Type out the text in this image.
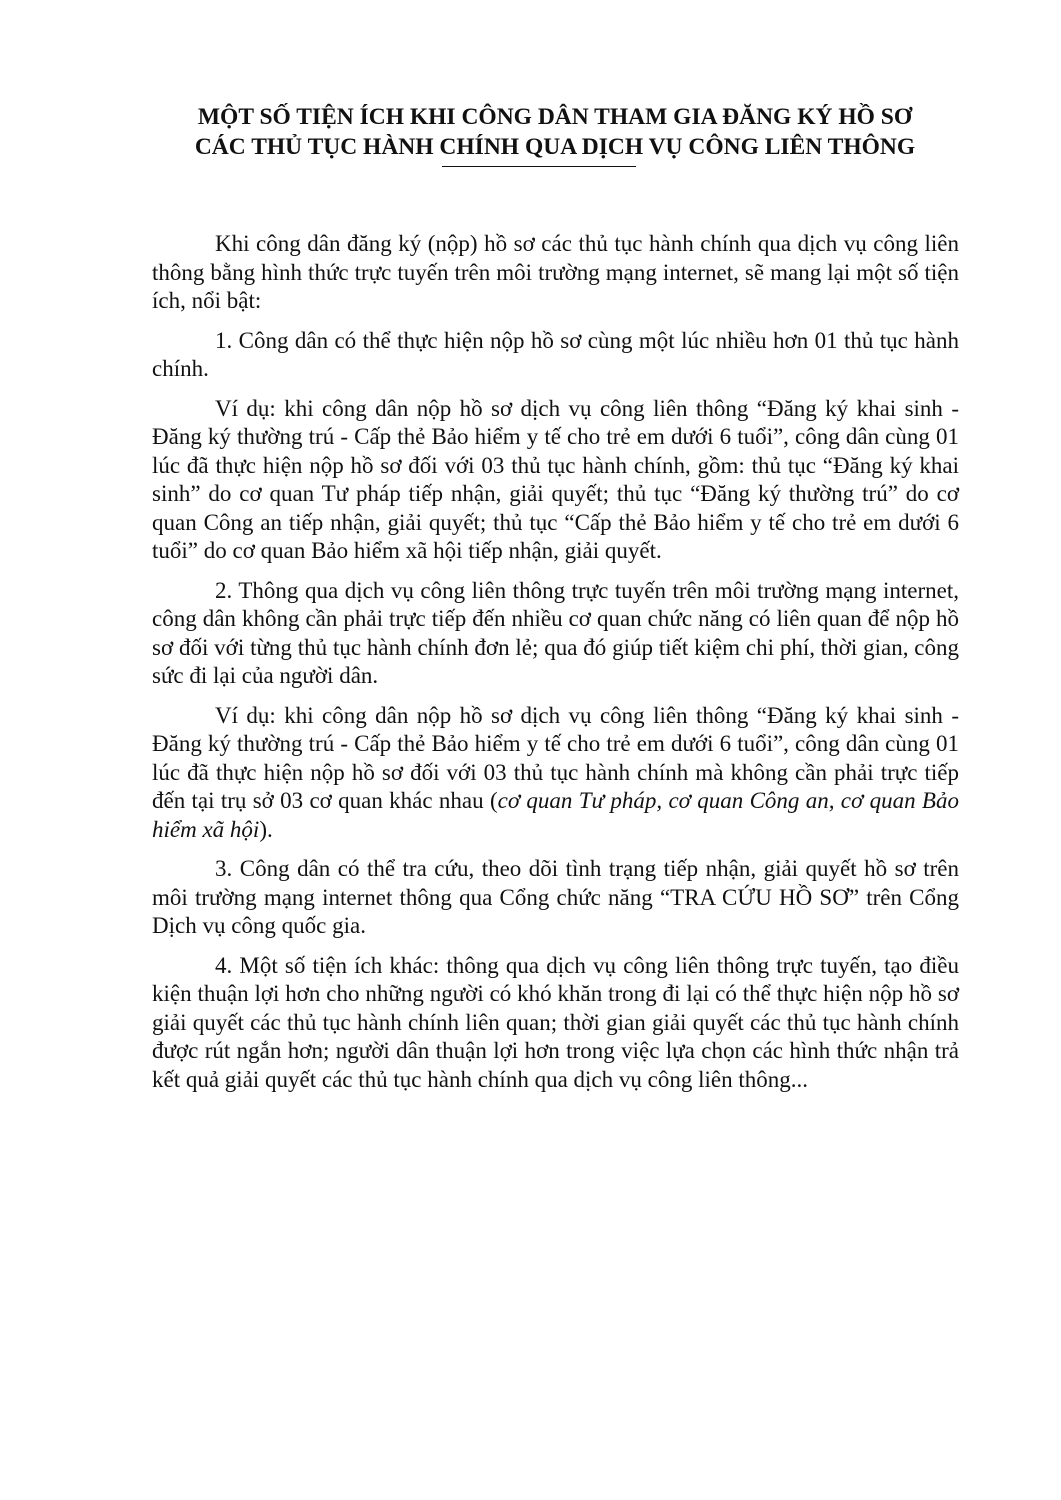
MỘT SỐ TIỆN ÍCH KHI CÔNG DÂN THAM GIA ĐĂNG KÝ HỒ SƠ
CÁC THỦ TỤC HÀNH CHÍNH QUA DỊCH VỤ CÔNG LIÊN THÔNG

Khi công dân đăng ký (nộp) hồ sơ các thủ tục hành chính qua dịch vụ công liên thông bằng hình thức trực tuyến trên môi trường mạng internet, sẽ mang lại một số tiện ích, nổi bật:

1. Công dân có thể thực hiện nộp hồ sơ cùng một lúc nhiều hơn 01 thủ tục hành chính.

Ví dụ: khi công dân nộp hồ sơ dịch vụ công liên thông “Đăng ký khai sinh - Đăng ký thường trú - Cấp thẻ Bảo hiểm y tế cho trẻ em dưới 6 tuổi”, công dân cùng 01 lúc đã thực hiện nộp hồ sơ đối với 03 thủ tục hành chính, gồm: thủ tục “Đăng ký khai sinh” do cơ quan Tư pháp tiếp nhận, giải quyết; thủ tục “Đăng ký thường trú” do cơ quan Công an tiếp nhận, giải quyết; thủ tục “Cấp thẻ Bảo hiểm y tế cho trẻ em dưới 6 tuổi” do cơ quan Bảo hiểm xã hội tiếp nhận, giải quyết.

2. Thông qua dịch vụ công liên thông trực tuyến trên môi trường mạng internet, công dân không cần phải trực tiếp đến nhiều cơ quan chức năng có liên quan để nộp hồ sơ đối với từng thủ tục hành chính đơn lẻ; qua đó giúp tiết kiệm chi phí, thời gian, công sức đi lại của người dân.

Ví dụ: khi công dân nộp hồ sơ dịch vụ công liên thông “Đăng ký khai sinh - Đăng ký thường trú - Cấp thẻ Bảo hiểm y tế cho trẻ em dưới 6 tuổi”, công dân cùng 01 lúc đã thực hiện nộp hồ sơ đối với 03 thủ tục hành chính mà không cần phải trực tiếp đến tại trụ sở 03 cơ quan khác nhau (cơ quan Tư pháp, cơ quan Công an, cơ quan Bảo hiểm xã hội).

3. Công dân có thể tra cứu, theo dõi tình trạng tiếp nhận, giải quyết hồ sơ trên môi trường mạng internet thông qua Cổng chức năng “TRA CỨU HỒ SƠ” trên Cổng Dịch vụ công quốc gia.

4. Một số tiện ích khác: thông qua dịch vụ công liên thông trực tuyến, tạo điều kiện thuận lợi hơn cho những người có khó khăn trong đi lại có thể thực hiện nộp hồ sơ giải quyết các thủ tục hành chính liên quan; thời gian giải quyết các thủ tục hành chính được rút ngắn hơn; người dân thuận lợi hơn trong việc lựa chọn các hình thức nhận trả kết quả giải quyết các thủ tục hành chính qua dịch vụ công liên thông...
